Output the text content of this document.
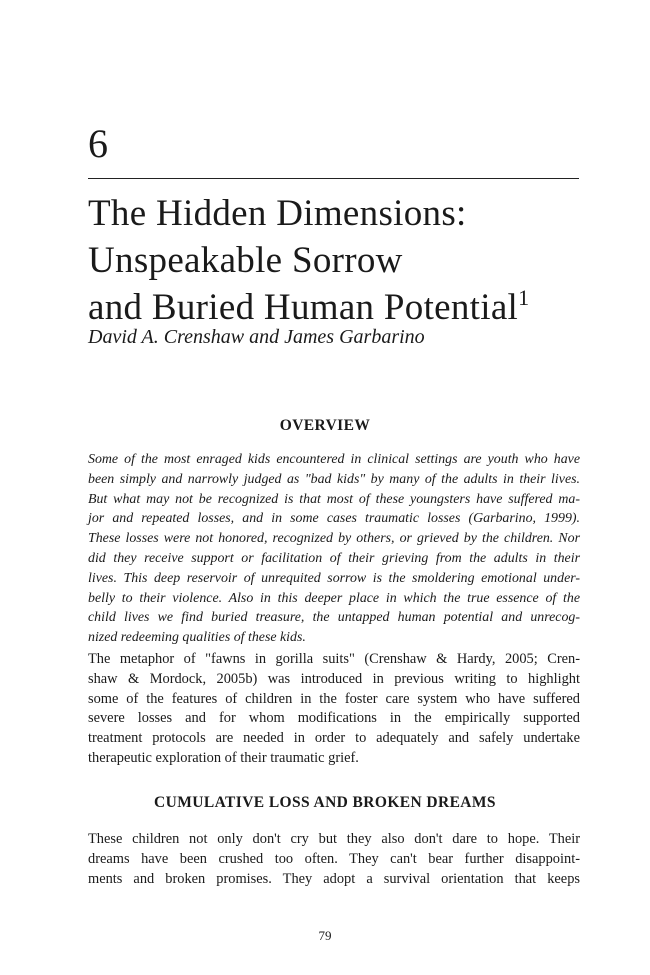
6
The Hidden Dimensions:
Unspeakable Sorrow
and Buried Human Potential$^1$
David A. Crenshaw and James Garbarino
OVERVIEW
Some of the most enraged kids encountered in clinical settings are youth who have
been simply and narrowly judged as "bad kids" by many of the adults in their lives.
But what may not be recognized is that most of these youngsters have suffered ma-
jor and repeated losses, and in some cases traumatic losses (Garbarino, 1999).
These losses were not honored, recognized by others, or grieved by the children. Nor
did they receive support or facilitation of their grieving from the adults in their
lives. This deep reservoir of unrequited sorrow is the smoldering emotional under-
belly to their violence. Also in this deeper place in which the true essence of the
child lives we find buried treasure, the untapped human potential and unrecog-
nized redeeming qualities of these kids.
The metaphor of "fawns in gorilla suits" (Crenshaw & Hardy, 2005; Cren-
shaw & Mordock, 2005b) was introduced in previous writing to highlight
some of the features of children in the foster care system who have suffered
severe losses and for whom modifications in the empirically supported
treatment protocols are needed in order to adequately and safely undertake
therapeutic exploration of their traumatic grief.
CUMULATIVE LOSS AND BROKEN DREAMS
These children not only don't cry but they also don't dare to hope. Their
dreams have been crushed too often. They can't bear further disappoint-
ments and broken promises. They adopt a survival orientation that keeps
79
